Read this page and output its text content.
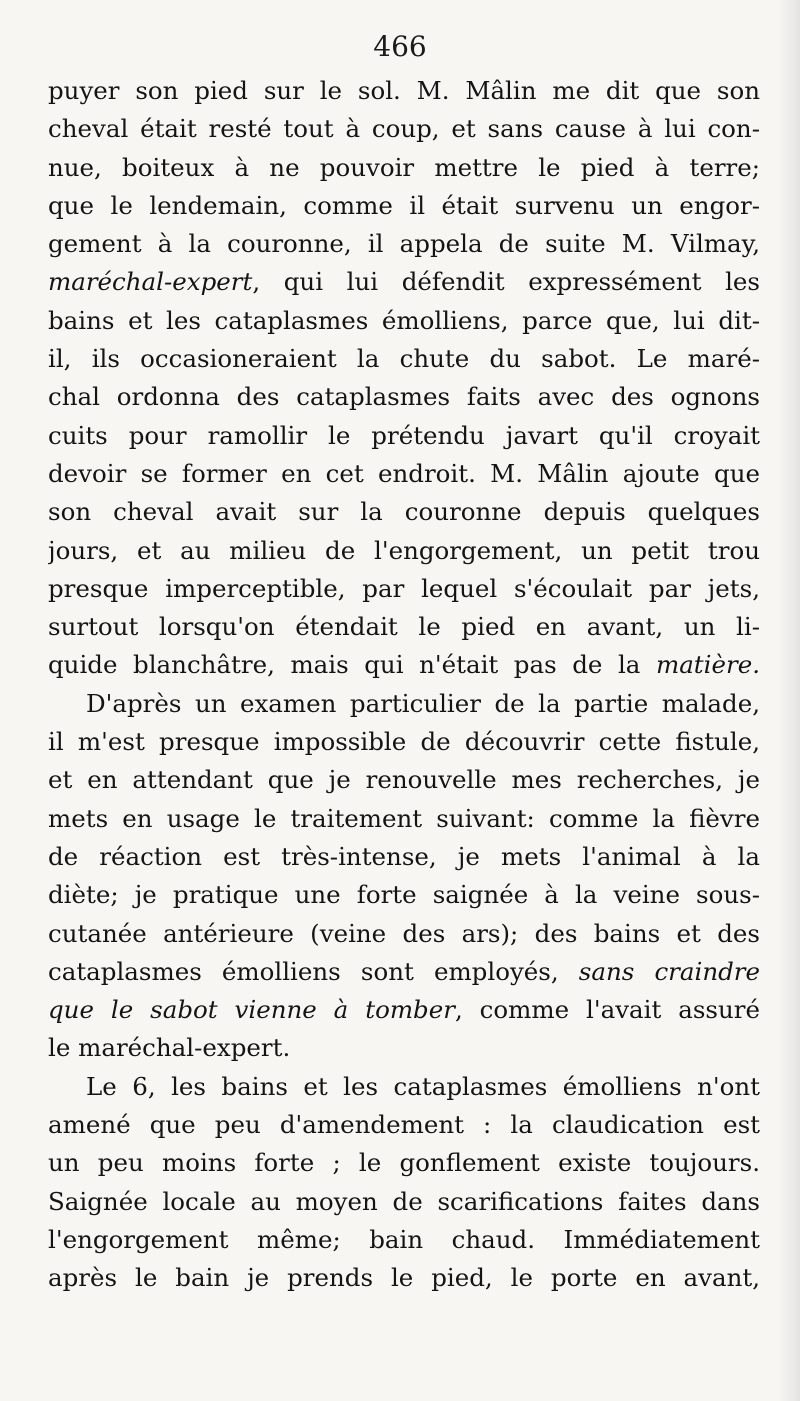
466
puyer son pied sur le sol. M. Mâlin me dit que son
cheval était resté tout à coup, et sans cause à lui con-
nue, boiteux à ne pouvoir mettre le pied à terre;
que le lendemain, comme il était survenu un engor-
gement à la couronne, il appela de suite M. Vilmay,
maréchal-expert, qui lui défendit expressément les
bains et les cataplasmes émolliens, parce que, lui dit-
il, ils occasioneraient la chute du sabot. Le maré-
chal ordonna des cataplasmes faits avec des ognons
cuits pour ramollir le prétendu javart qu'il croyait
devoir se former en cet endroit. M. Mâlin ajoute que
son cheval avait sur la couronne depuis quelques
jours, et au milieu de l'engorgement, un petit trou
presque imperceptible, par lequel s'écoulait par jets,
surtout lorsqu'on étendait le pied en avant, un li-
quide blanchâtre, mais qui n'était pas de la matière.
D'après un examen particulier de la partie malade,
il m'est presque impossible de découvrir cette fistule,
et en attendant que je renouvelle mes recherches, je
mets en usage le traitement suivant: comme la fièvre
de réaction est très-intense, je mets l'animal à la
diète; je pratique une forte saignée à la veine sous-
cutanée antérieure (veine des ars); des bains et des
cataplasmes émolliens sont employés, sans craindre
que le sabot vienne à tomber, comme l'avait assuré
le maréchal-expert.
Le 6, les bains et les cataplasmes émolliens n'ont
amené que peu d'amendement : la claudication est
un peu moins forte ; le gonflement existe toujours.
Saignée locale au moyen de scarifications faites dans
l'engorgement même; bain chaud. Immédiatement
après le bain je prends le pied, le porte en avant,
